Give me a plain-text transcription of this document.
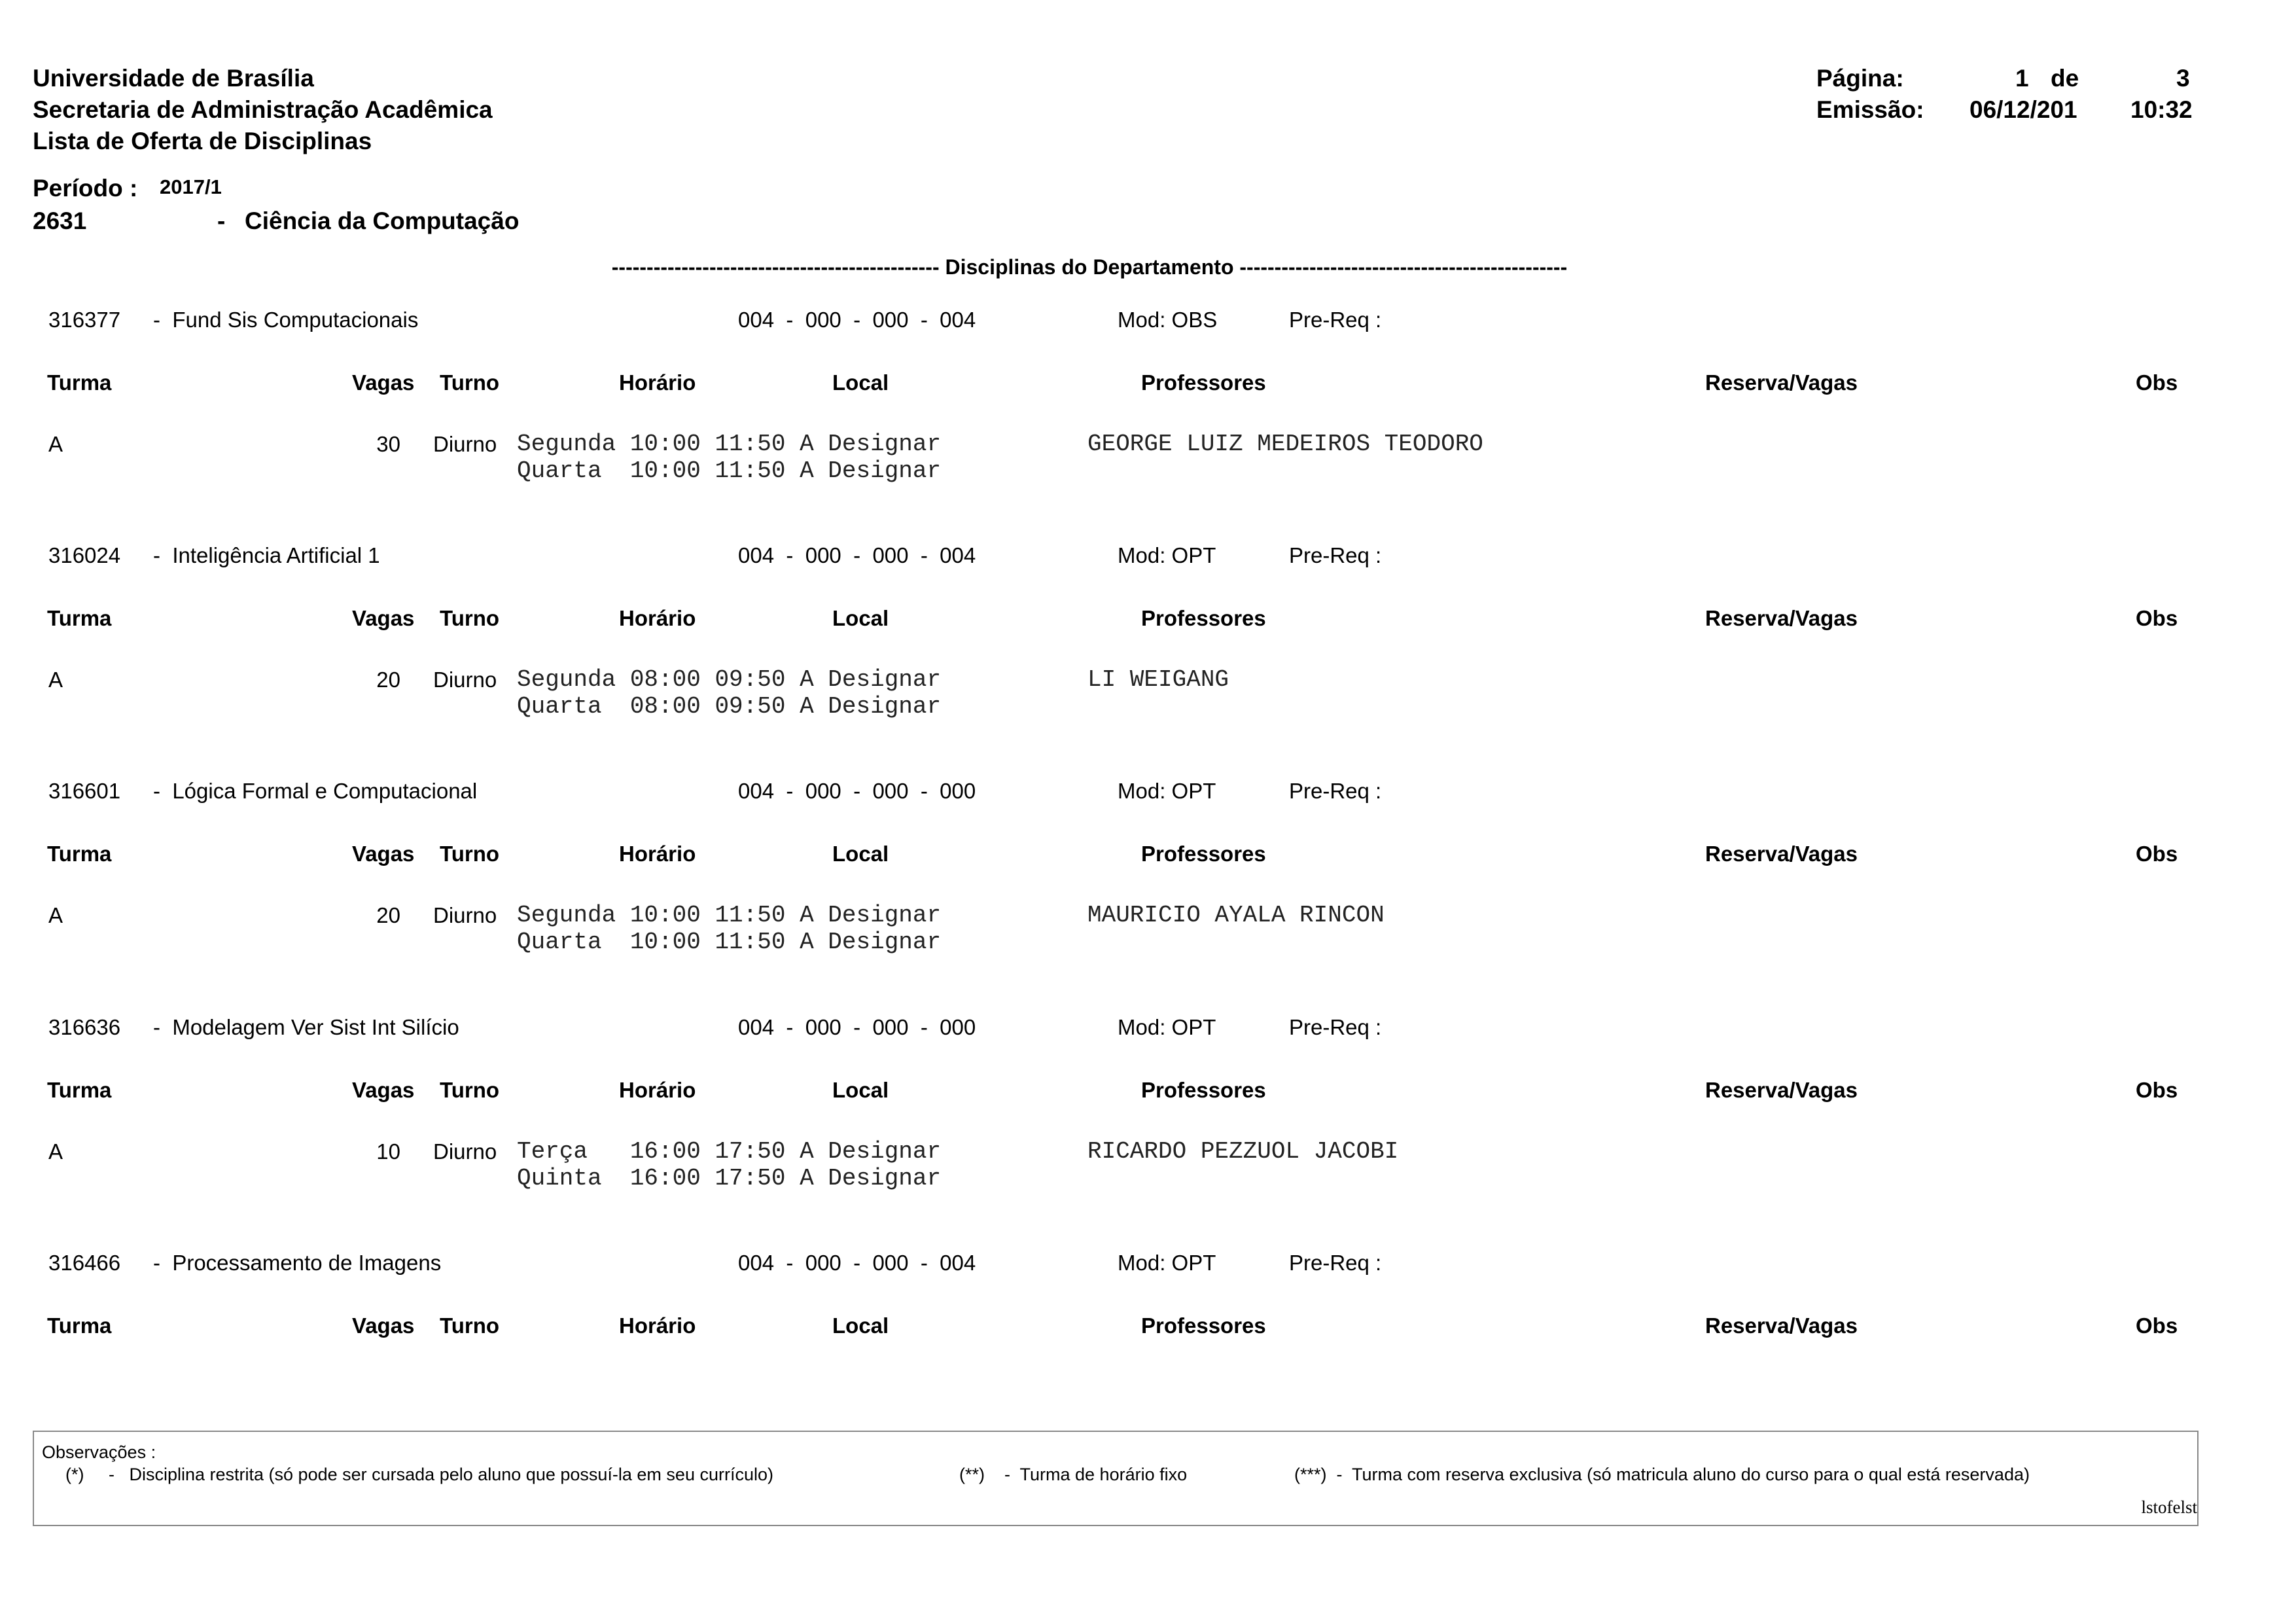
Universidade de Brasília
Secretaria de Administração Acadêmica
Lista de Oferta de Disciplinas
Página:	1 de	3
Emissão: 06/12/201 10:32
Período : 2017/1
2631	- Ciência da Computação
----------------------------------------------- Disciplinas do Departamento -----------------------------------------------
316377 -  Fund Sis Computacionais	004  -  000  -  000  -  004	Mod: OBS	Pre-Req :
Turma	Vagas Turno	Horário	Local	Professores	Reserva/Vagas	Obs
A	30 Diurno Segunda 10:00 11:50 A Designar
Quarta  10:00 11:50 A Designar
GEORGE LUIZ MEDEIROS TEODORO
316024 -  Inteligência Artificial 1	004  -  000  -  000  -  004	Mod: OPT	Pre-Req :
Turma	Vagas Turno	Horário	Local	Professores	Reserva/Vagas	Obs
A	20 Diurno Segunda 08:00 09:50 A Designar
Quarta  08:00 09:50 A Designar
LI WEIGANG
316601 -  Lógica Formal e Computacional	004  -  000  -  000  -  000	Mod: OPT	Pre-Req :
Turma	Vagas Turno	Horário	Local	Professores	Reserva/Vagas	Obs
A	20 Diurno Segunda 10:00 11:50 A Designar
Quarta  10:00 11:50 A Designar
MAURICIO AYALA RINCON
316636 -  Modelagem Ver Sist Int Silício	004  -  000  -  000  -  000	Mod: OPT	Pre-Req :
Turma	Vagas Turno	Horário	Local	Professores	Reserva/Vagas	Obs
A	10 Diurno Terça   16:00 17:50 A Designar
Quinta  16:00 17:50 A Designar
RICARDO PEZZUOL JACOBI
316466 -  Processamento de Imagens	004  -  000  -  000  -  004	Mod: OPT	Pre-Req :
Turma	Vagas Turno	Horário	Local	Professores	Reserva/Vagas	Obs
Observações :
(*)     -   Disciplina restrita (só pode ser cursada pelo aluno que possuí-la em seu currículo)	(**)    -  Turma de horário fixo	(***)  -  Turma com reserva exclusiva (só matricula aluno do curso para o qual está reservada)
lstofelst
